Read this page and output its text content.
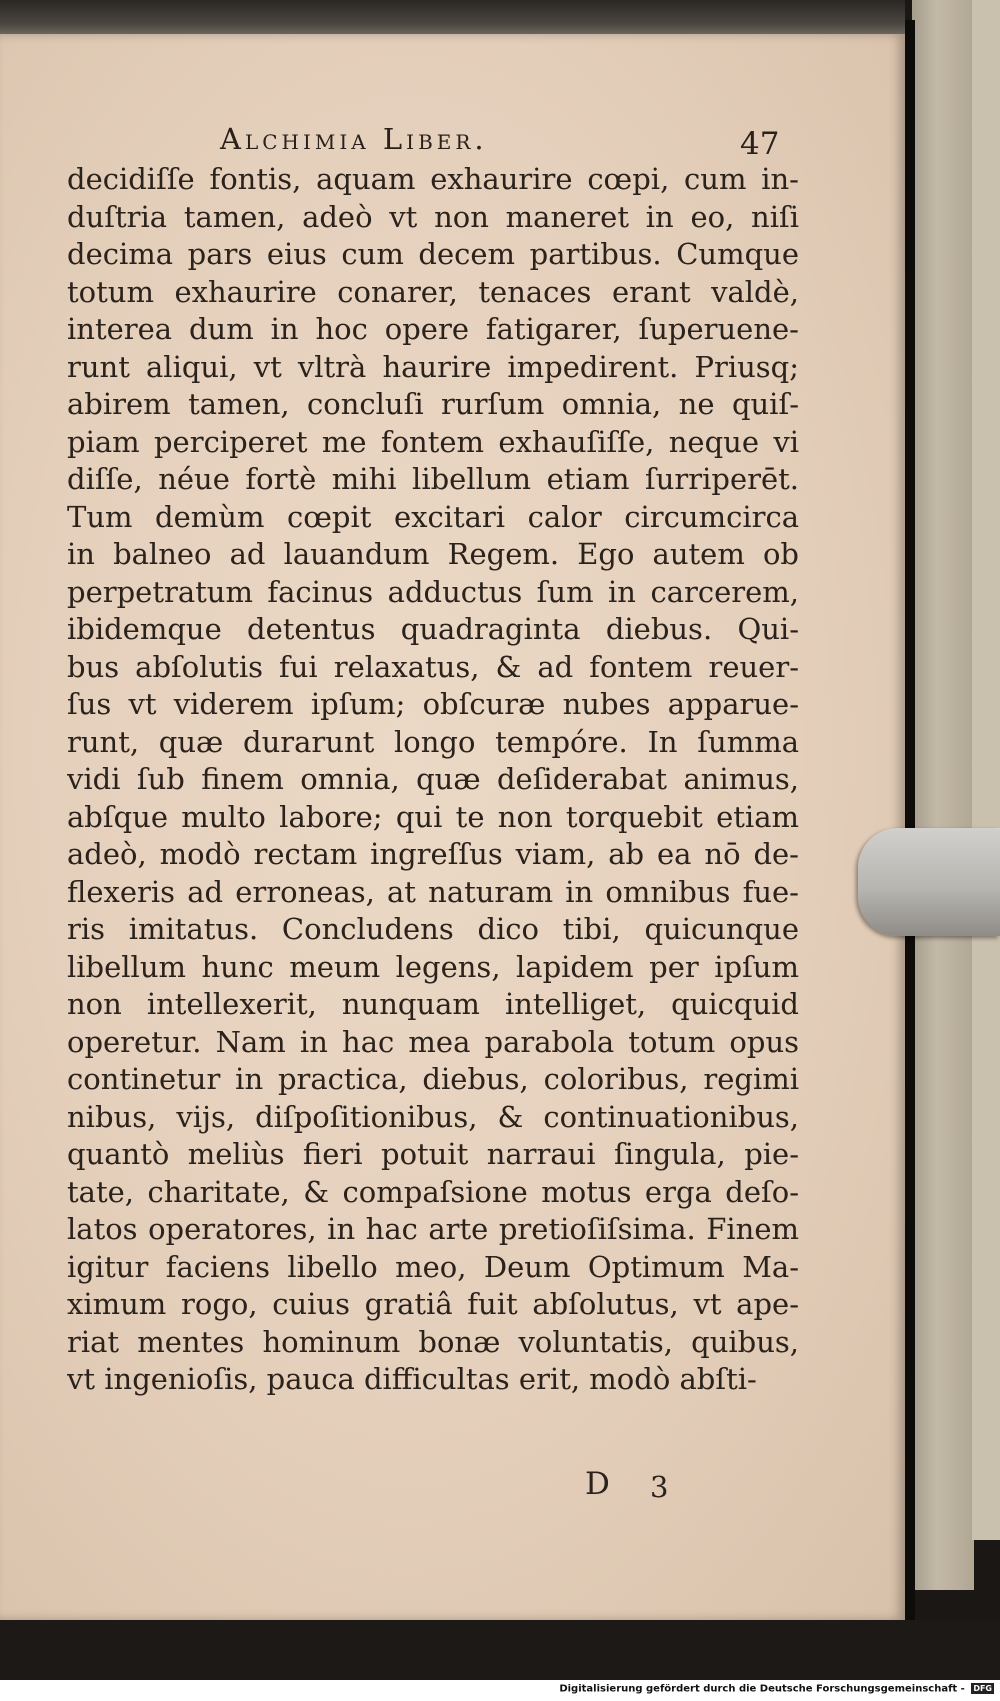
Alchimia Liber.	47
decidiſſe fontis, aquam exhaurire cœpi, cum in-
duſtria tamen, adeò vt non maneret in eo, niſi
decima pars eius cum decem partibus. Cumque
totum exhaurire conarer, tenaces erant valdè,
interea dum in hoc opere fatigarer, ſuperuene-
runt aliqui, vt vltrà haurire impedirent. Priusq;
abirem tamen, concluſi rurſum omnia, ne quiſ-
piam perciperet me fontem exhauſiſſe, neque vi
diſſe, néue fortè mihi libellum etiam ſurriperēt.
Tum demùm cœpit excitari calor circumcirca
in balneo ad lauandum Regem. Ego autem ob
perpetratum facinus adductus ſum in carcerem,
ibidemque detentus quadraginta diebus. Qui-
bus abſolutis fui relaxatus, & ad fontem reuer-
ſus vt viderem ipſum; obſcuræ nubes apparue-
runt, quæ durarunt longo tempóre. In ſumma
vidi ſub finem omnia, quæ deſiderabat animus,
abſque multo labore; qui te non torquebit etiam
adeò, modò rectam ingreſſus viam, ab ea nō de-
flexeris ad erroneas, at naturam in omnibus fue-
ris imitatus. Concludens dico tibi, quicunque
libellum hunc meum legens, lapidem per ipſum
non intellexerit, nunquam intelliget, quicquid
operetur. Nam in hac mea parabola totum opus
continetur in practica, diebus, coloribus, regimi
nibus, vijs, diſpoſitionibus, & continuationibus,
quantò meliùs fieri potuit narraui ſingula, pie-
tate, charitate, & compaſsione motus erga deſo-
latos operatores, in hac arte pretioſiſsima. Finem
igitur faciens libello meo, Deum Optimum Ma-
ximum rogo, cuius gratiâ fuit abſolutus, vt ape-
riat mentes hominum bonæ voluntatis, quibus,
vt ingenioſis, pauca difficultas erit, modò abſti-
D 3
Digitalisierung gefördert durch die Deutsche Forschungsgemeinschaft - DFG
